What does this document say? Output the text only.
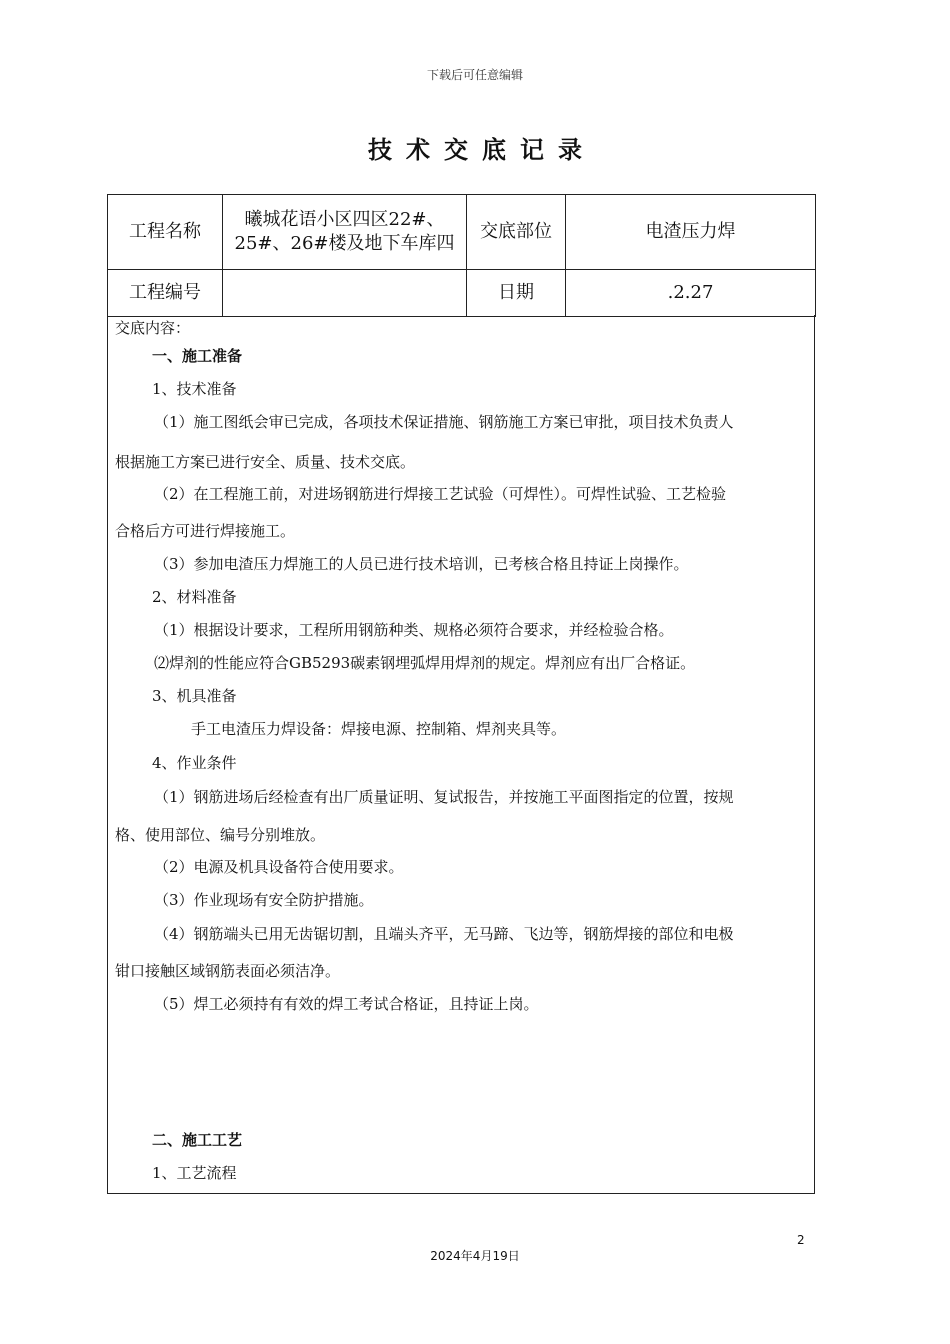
下载后可任意编辑
技术交底记录
工程名称	曦城花语小区四区22#、25#、26#楼及地下车库四	交底部位	电渣压力焊
工程编号		日期	.2.27
交底内容：
一、施工准备
1、技术准备
（1）施工图纸会审已完成，各项技术保证措施、钢筋施工方案已审批，项目技术负责人
根据施工方案已进行安全、质量、技术交底。
（2）在工程施工前，对进场钢筋进行焊接工艺试验（可焊性）。可焊性试验、工艺检验
合格后方可进行焊接施工。
（3）参加电渣压力焊施工的人员已进行技术培训，已考核合格且持证上岗操作。
2、材料准备
（1）根据设计要求，工程所用钢筋种类、规格必须符合要求，并经检验合格。
⑵焊剂的性能应符合GB5293碳素钢埋弧焊用焊剂的规定。焊剂应有出厂合格证。
3、机具准备
手工电渣压力焊设备：焊接电源、控制箱、焊剂夹具等。
4、作业条件
（1）钢筋进场后经检查有出厂质量证明、复试报告，并按施工平面图指定的位置，按规
格、使用部位、编号分别堆放。
（2）电源及机具设备符合使用要求。
（3）作业现场有安全防护措施。
（4）钢筋端头已用无齿锯切割，且端头齐平，无马蹄、飞边等，钢筋焊接的部位和电极
钳口接触区域钢筋表面必须洁净。
（5）焊工必须持有有效的焊工考试合格证，且持证上岗。
二、施工工艺
1、工艺流程
2
2024年4月19日
